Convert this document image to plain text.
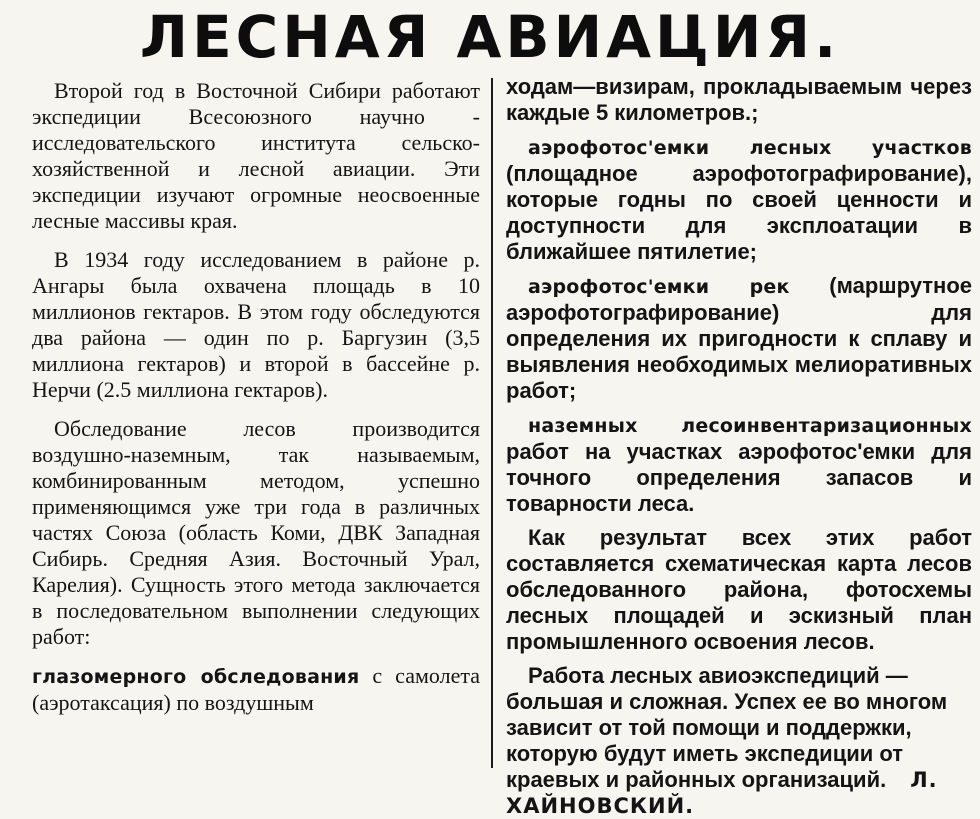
ЛЕСНАЯ АВИАЦИЯ.

Второй год в Восточной Сибири работают экспедиции Всесоюзного научно - исследовательского института сельско-хозяйственной и лесной авиации. Эти экспедиции изучают огромные неосвоенные лесные массивы края.

В 1934 году исследованием в районе р. Ангары была охвачена площадь в 10 миллионов гектаров. В этом году обследуются два района — один по р. Баргузин (3,5 миллиона гектаров) и второй в бассейне р. Нерчи (2.5 миллиона гектаров).

Обследование лесов производится воздушно-наземным, так называемым, комбинированным методом, успешно применяющимся уже три года в различных частях Союза (область Коми, ДВК Западная Сибирь. Средняя Азия. Восточный Урал, Карелия). Сущность этого метода заключается в последовательном выполнении следующих работ:

глазомерного обследования с самолета (аэротаксация) по воздушным

ходам—визирам, прокладываемым через каждые 5 километров.;

аэрофотос'емки лесных участков (площадное аэрофотографирование), которые годны по своей ценности и доступности для эксплоатации в ближайшее пятилетие;

аэрофотос'емки рек (маршрутное аэрофотографирование) для определения их пригодности к сплаву и выявления необходимых мелиоративных работ;

наземных лесоинвентаризационных работ на участках аэрофотос'емки для точного определения запасов и товарности леса.

Как результат всех этих работ составляется схематическая карта лесов обследованного района, фотосхемы лесных площадей и эскизный план промышленного освоения лесов.

Работа лесных авиоэкспедиций — большая и сложная. Успех ее во многом зависит от той помощи и поддержки, которую будут иметь экспедиции от краевых и районных организаций. Л. ХАЙНОВСКИЙ.
